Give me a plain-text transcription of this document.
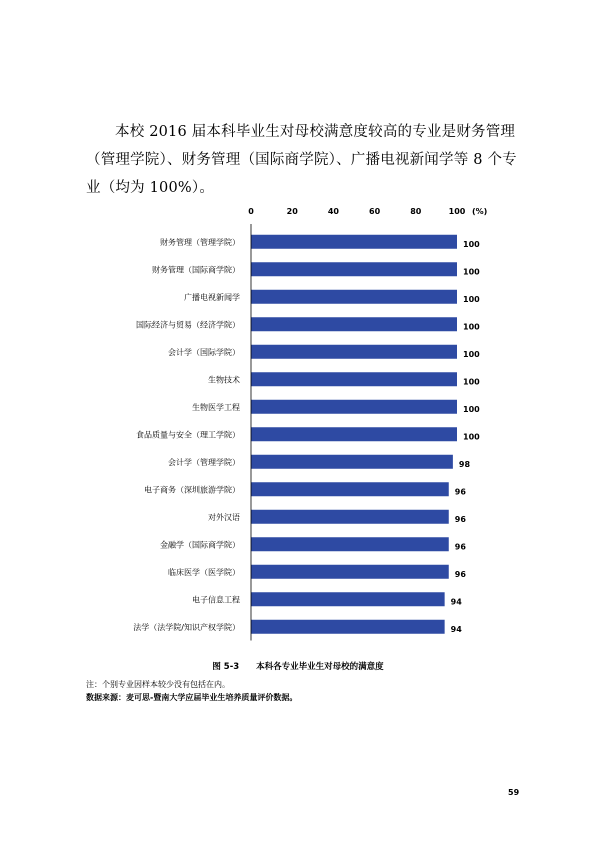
本校 2016 届本科毕业生对母校满意度较高的专业是财务管理（管理学院）、财务管理（国际商学院）、广播电视新闻学等 8 个专业（均为 100%）。

0	20	40	60	80	100 (%)
财务管理（管理学院）
财务管理（国际商学院）
广播电视新闻学
国际经济与贸易（经济学院）
会计学（国际学院）
生物技术
生物医学工程
食品质量与安全（理工学院）
会计学（管理学院）
电子商务（深圳旅游学院）
对外汉语
金融学（国际商学院）
临床医学（医学院）
电子信息工程
法学（法学院/知识产权学院）
100
100
100
100
100
100
100
100
98
96
96
96
96
94
94

图 5-3　　本科各专业毕业生对母校的满意度

注：个别专业因样本较少没有包括在内。

数据来源：麦可思-暨南大学应届毕业生培养质量评价数据。

59
